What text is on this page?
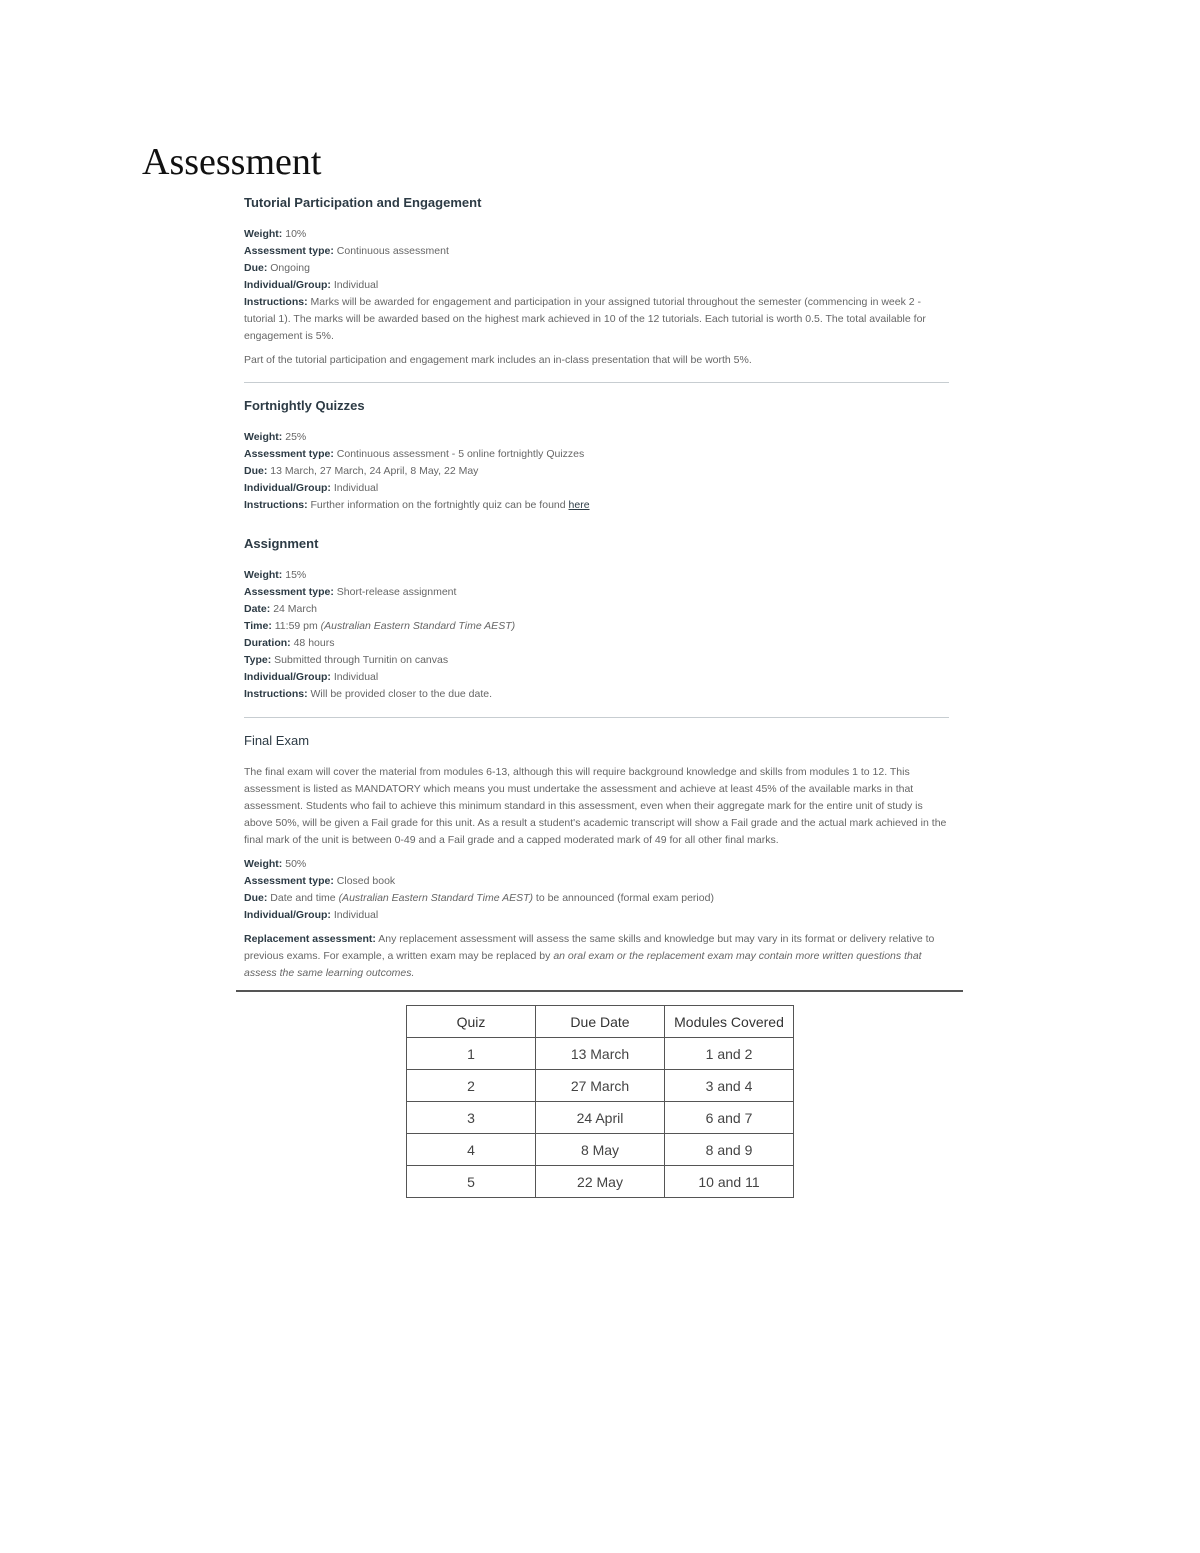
Assessment
Tutorial Participation and Engagement

Weight: 10%

Assessment type: Continuous assessment

Due: Ongoing

Individual/Group: Individual

Instructions: Marks will be awarded for engagement and participation in your assigned tutorial throughout the semester (commencing in week 2 - tutorial 1). The marks will be awarded based on the highest mark achieved in 10 of the 12 tutorials. Each tutorial is worth 0.5. The total available for engagement is 5%.

Part of the tutorial participation and engagement mark includes an in-class presentation that will be worth 5%.

Fortnightly Quizzes

Weight: 25%

Assessment type: Continuous assessment - 5 online fortnightly Quizzes

Due: 13 March, 27 March, 24 April, 8 May, 22 May

Individual/Group: Individual

Instructions: Further information on the fortnightly quiz can be found here

Assignment

Weight: 15%

Assessment type: Short-release assignment

Date: 24 March

Time: 11:59 pm (Australian Eastern Standard Time AEST)

Duration: 48 hours

Type: Submitted through Turnitin on canvas

Individual/Group: Individual

Instructions: Will be provided closer to the due date.

Final Exam

The final exam will cover the material from modules 6-13, although this will require background knowledge and skills from modules 1 to 12. This assessment is listed as MANDATORY which means you must undertake the assessment and achieve at least 45% of the available marks in that assessment. Students who fail to achieve this minimum standard in this assessment, even when their aggregate mark for the entire unit of study is above 50%, will be given a Fail grade for this unit. As a result a student's academic transcript will show a Fail grade and the actual mark achieved in the final mark of the unit is between 0-49 and a Fail grade and a capped moderated mark of 49 for all other final marks.

Weight: 50%

Assessment type: Closed book

Due: Date and time (Australian Eastern Standard Time AEST) to be announced (formal exam period)

Individual/Group: Individual

Replacement assessment: Any replacement assessment will assess the same skills and knowledge but may vary in its format or delivery relative to previous exams. For example, a written exam may be replaced by an oral exam or the replacement exam may contain more written questions that assess the same learning outcomes.

Quiz	Due Date	Modules Covered
1	13 March	1 and 2
2	27 March	3 and 4
3	24 April	6 and 7
4	8 May	8 and 9
5	22 May	10 and 11
